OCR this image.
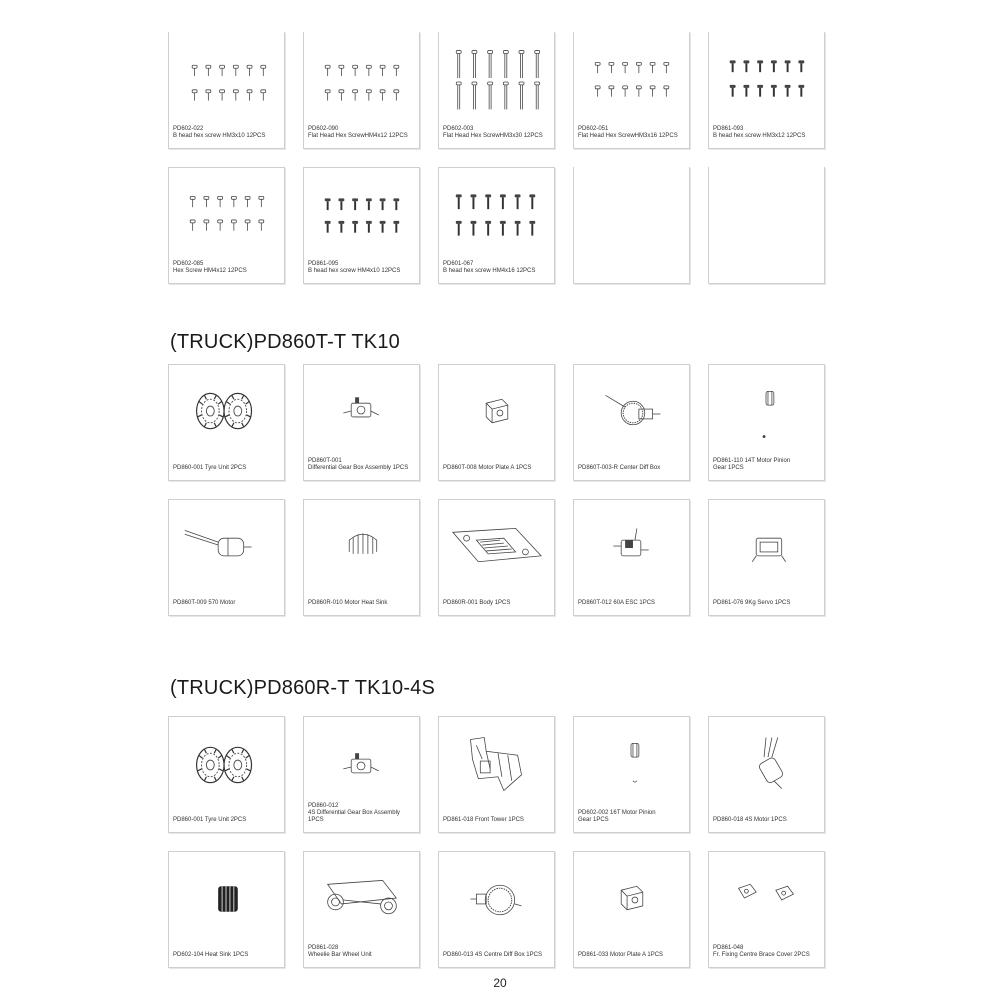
PD602-022
B head hex screw HM3x10 12PCS
PD602-090
Flat Head Hex ScrewHM4x12 12PCS
PD602-003
Flat Head Hex ScrewHM3x30 12PCS
PD602-051
Flat Head Hex ScrewHM3x16 12PCS
PD861-093
B head hex screw HM3x12 12PCS
PD602-085
Hex Screw HM4x12 12PCS
PD861-095
B head hex screw HM4x10 12PCS
PD601-067
B head hex screw HM4x16 12PCS
(TRUCK)PD860T-T TK10
PD860-001 Tyre Unit 2PCS
PD860T-001
Differential Gear Box Assembly 1PCS	PD860T-008 Motor Plate A 1PCS	PD860T-003-R Center Diff Box
PD861-110 14T Motor Pinion
Gear 1PCS
PD860T-009 570 Motor	PD860R-010 Motor Heat Sink	PD860R-001 Body 1PCS	PD860T-012 60A ESC 1PCS	PD861-076 9Kg Servo 1PCS
(TRUCK)PD860R-T TK10-4S
PD860-001 Tyre Unit 2PCS
PD860-012
4S Differential Gear Box Assembly 1PCS	PD861-018 Front Tower 1PCS
PD602-002 16T Motor Pinion
Gear 1PCS	PD860-018 4S Motor 1PCS
PD602-104 Heat Sink 1PCS
PD861-028
Wheelie Bar Wheel Unit	PD860-013 4S Centre Diff Box 1PCS	PD861-033 Motor Plate A 1PCS
PD861-048
Fr. Fixing Centre Brace Cover 2PCS
20
